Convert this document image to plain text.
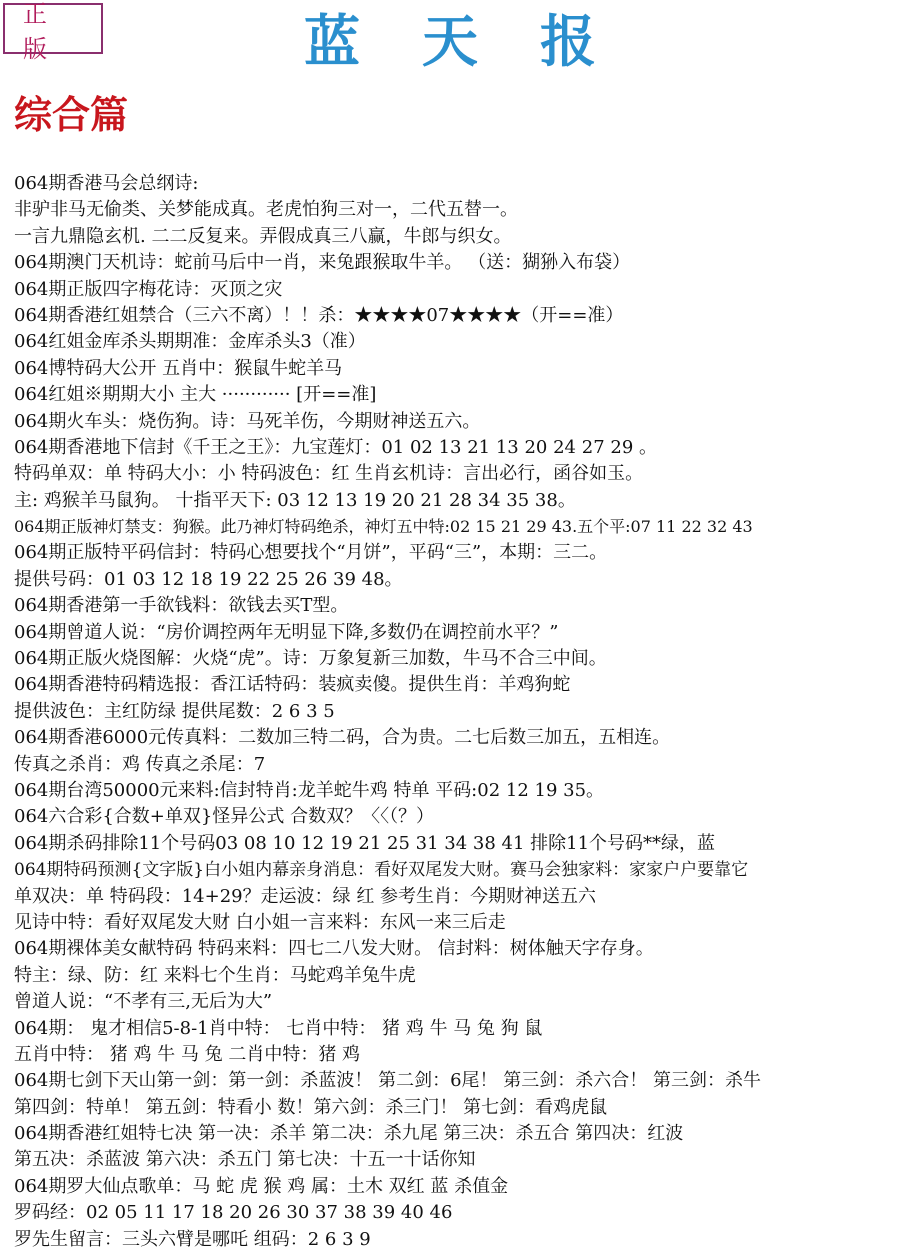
正 版	蓝天报
综合篇
064期香港马会总纲诗:
非驴非马无偷类、关梦能成真。老虎怕狗三对一，二代五替一。
一言九鼎隐玄机. 二二反复来。弄假成真三八赢，牛郎与织女。
064期澳门天机诗：蛇前马后中一肖，来兔跟猴取牛羊。 （送：猢狲入布袋）
064期正版四字梅花诗：灭顶之灾
064期香港红姐禁合（三六不离）！！杀：★★★★07★★★★（开==准）
064红姐金库杀头期期准：金库杀头3（准）
064博特码大公开 五肖中：猴鼠牛蛇羊马
064红姐※期期大小 主大 ············ [开==准]
064期火车头：烧伤狗。诗：马死羊伤，今期财神送五六。
064期香港地下信封《千王之王》：九宝莲灯：01 02 13 21 13 20 24 27 29 。
特码单双：单 特码大小：小 特码波色：红 生肖玄机诗：言出必行，函谷如玉。
主: 鸡猴羊马鼠狗。 十指平天下: 03 12 13 19 20 21 28 34 35 38。
064期正版神灯禁支：狗猴。此乃神灯特码绝杀，神灯五中特:02 15 21 29 43.五个平:07 11 22 32 43
064期正版特平码信封：特码心想要找个“月饼”，平码“三”，本期：三二。
提供号码：01 03 12 18 19 22 25 26 39 48。
064期香港第一手欲钱料：欲钱去买T型。
064期曾道人说：“房价调控两年无明显下降,多数仍在调控前水平？”
064期正版火烧图解：火烧“虎”。诗：万象复新三加数，牛马不合三中间。
064期香港特码精选报：香江话特码：装疯卖傻。提供生肖：羊鸡狗蛇
提供波色：主红防绿 提供尾数：2 6 3 5
064期香港6000元传真料：二数加三特二码，合为贵。二七后数三加五，五相连。
传真之杀肖：鸡 传真之杀尾：7
064期台湾50000元来料:信封特肖:龙羊蛇牛鸡 特单 平码:02 12 19 35。
064六合彩{合数+单双}怪异公式 合数双？〈〈（？）
064期杀码排除11个号码03 08 10 12 19 21 25 31 34 38 41 排除11个号码**绿，蓝
064期特码预测{文字版}白小姐内幕亲身消息：看好双尾发大财。赛马会独家料：家家户户要靠它
单双决：单 特码段：14+29？走运波：绿 红 参考生肖：今期财神送五六
见诗中特：看好双尾发大财 白小姐一言来料：东风一来三后走
064期裸体美女献特码 特码来料：四七二八发大财。 信封料：树体触天字存身。
特主：绿、防：红 来料七个生肖：马蛇鸡羊兔牛虎
曾道人说：“不孝有三,无后为大”
064期： 鬼才相信5-8-1肖中特： 七肖中特： 猪 鸡 牛 马 兔 狗 鼠
五肖中特： 猪 鸡 牛 马 兔 二肖中特：猪 鸡
064期七剑下天山第一剑：第一剑：杀蓝波！ 第二剑：6尾！ 第三剑：杀六合！ 第三剑：杀牛
第四剑：特单！ 第五剑：特看小 数！第六剑：杀三门！ 第七剑：看鸡虎鼠
064期香港红姐特七决 第一决：杀羊 第二决：杀九尾 第三决：杀五合 第四决：红波
第五决：杀蓝波 第六决：杀五门 第七决：十五一十话你知
064期罗大仙点歌单：马 蛇 虎 猴 鸡 属：土木 双红 蓝 杀值金
罗码经：02 05 11 17 18 20 26 30 37 38 39 40 46
罗先生留言：三头六臂是哪吒 组码：2 6 3 9
